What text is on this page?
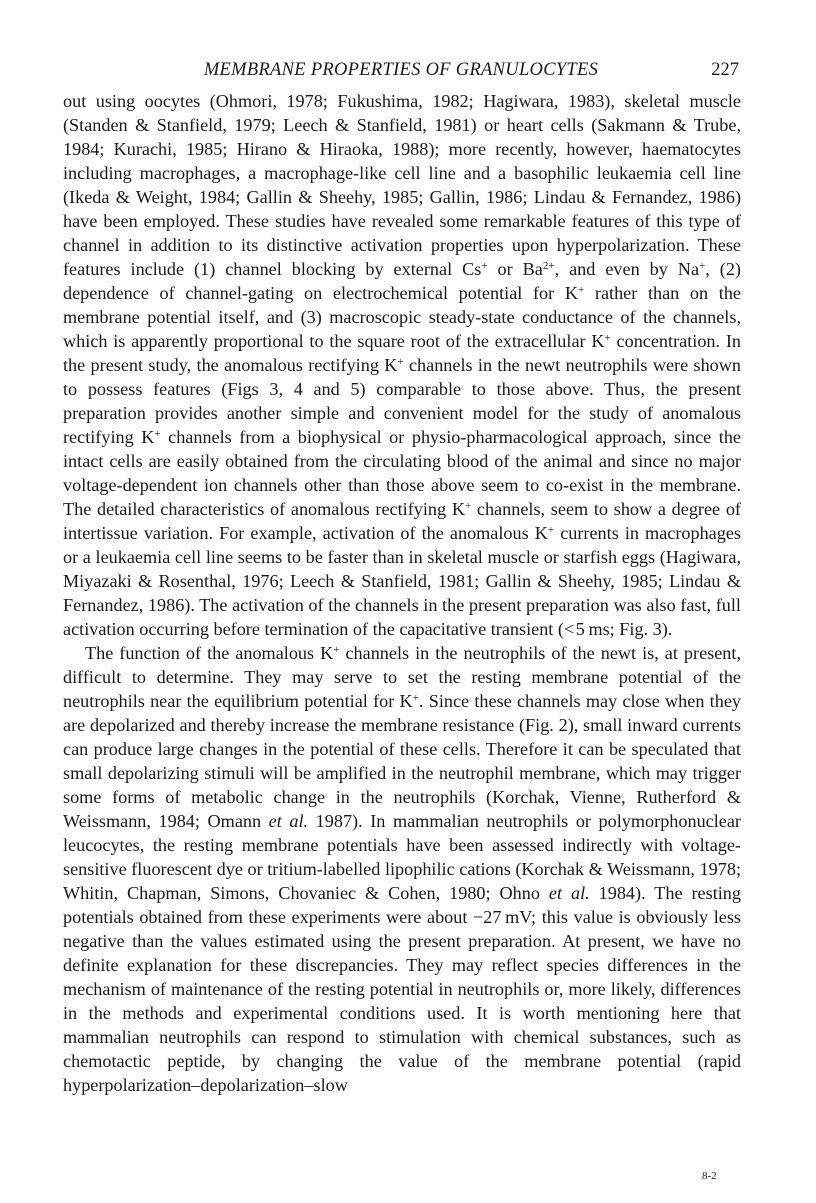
MEMBRANE PROPERTIES OF GRANULOCYTES	227

out using oocytes (Ohmori, 1978; Fukushima, 1982; Hagiwara, 1983), skeletal muscle (Standen & Stanfield, 1979; Leech & Stanfield, 1981) or heart cells (Sakmann & Trube, 1984; Kurachi, 1985; Hirano & Hiraoka, 1988); more recently, however, haematocytes including macrophages, a macrophage-like cell line and a basophilic leukaemia cell line (Ikeda & Weight, 1984; Gallin & Sheehy, 1985; Gallin, 1986; Lindau & Fernandez, 1986) have been employed. These studies have revealed some remarkable features of this type of channel in addition to its distinctive activation properties upon hyperpolarization. These features include (1) channel blocking by external Cs+ or $Ba^{2+}$, and even by Na+, (2) dependence of channel-gating on electrochemical potential for K+ rather than on the membrane potential itself, and (3) macroscopic steady-state conductance of the channels, which is apparently proportional to the square root of the extracellular K+ concentration. In the present study, the anomalous rectifying K+ channels in the newt neutrophils were shown to possess features (Figs 3, 4 and 5) comparable to those above. Thus, the present preparation provides another simple and convenient model for the study of anomalous rectifying K+ channels from a biophysical or physio-pharmacological approach, since the intact cells are easily obtained from the circulating blood of the animal and since no major voltage-dependent ion channels other than those above seem to co-exist in the membrane. The detailed characteristics of anomalous rectifying K+ channels, seem to show a degree of intertissue variation. For example, activation of the anomalous K+ currents in macrophages or a leukaemia cell line seems to be faster than in skeletal muscle or starfish eggs (Hagiwara, Miyazaki & Rosenthal, 1976; Leech & Stanfield, 1981; Gallin & Sheehy, 1985; Lindau & Fernandez, 1986). The activation of the channels in the present preparation was also fast, full activation occurring before termination of the capacitative transient (< 5 ms; Fig. 3).

The function of the anomalous K+ channels in the neutrophils of the newt is, at present, difficult to determine. They may serve to set the resting membrane potential of the neutrophils near the equilibrium potential for K+. Since these channels may close when they are depolarized and thereby increase the membrane resistance (Fig. 2), small inward currents can produce large changes in the potential of these cells. Therefore it can be speculated that small depolarizing stimuli will be amplified in the neutrophil membrane, which may trigger some forms of metabolic change in the neutrophils (Korchak, Vienne, Rutherford & Weissmann, 1984; Omann et al. 1987). In mammalian neutrophils or polymorphonuclear leucocytes, the resting membrane potentials have been assessed indirectly with voltage-sensitive fluorescent dye or tritium-labelled lipophilic cations (Korchak & Weissmann, 1978; Whitin, Chapman, Simons, Chovaniec & Cohen, 1980; Ohno et al. 1984). The resting potentials obtained from these experiments were about −27 mV; this value is obviously less negative than the values estimated using the present preparation. At present, we have no definite explanation for these discrepancies. They may reflect species differences in the mechanism of maintenance of the resting potential in neutrophils or, more likely, differences in the methods and experimental conditions used. It is worth mentioning here that mammalian neutrophils can respond to stimulation with chemical substances, such as chemotactic peptide, by changing the value of the membrane potential (rapid hyperpolarization–depolarization–slow

8-2
